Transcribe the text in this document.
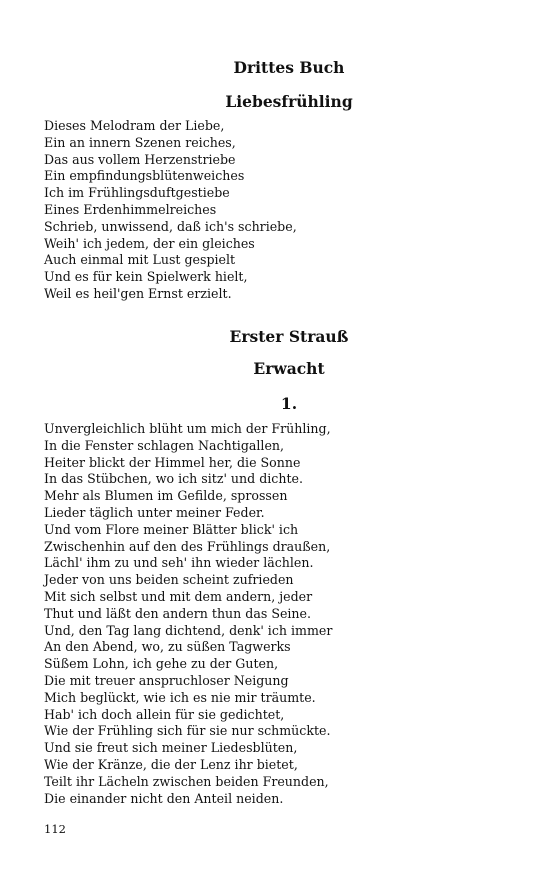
Drittes Buch
Liebesfrühling
Dieses Melodram der Liebe,
Ein an innern Szenen reiches,
Das aus vollem Herzenstriebe
Ein empfindungsblütenweiches
Ich im Frühlingsduftgestiebe
Eines Erdenhimmelreiches
Schrieb, unwissend, daß ich's schriebe,
Weih' ich jedem, der ein gleiches
Auch einmal mit Lust gespielt
Und es für kein Spielwerk hielt,
Weil es heil'gen Ernst erzielt.
Erster Strauß
Erwacht
1.
Unvergleichlich blüht um mich der Frühling,
In die Fenster schlagen Nachtigallen,
Heiter blickt der Himmel her, die Sonne
In das Stübchen, wo ich sitz' und dichte.
Mehr als Blumen im Gefilde, sprossen
Lieder täglich unter meiner Feder.
Und vom Flore meiner Blätter blick' ich
Zwischenhin auf den des Frühlings draußen,
Lächl' ihm zu und seh' ihn wieder lächlen.
Jeder von uns beiden scheint zufrieden
Mit sich selbst und mit dem andern, jeder
Thut und läßt den andern thun das Seine.
Und, den Tag lang dichtend, denk' ich immer
An den Abend, wo, zu süßen Tagwerks
Süßem Lohn, ich gehe zu der Guten,
Die mit treuer anspruchloser Neigung
Mich beglückt, wie ich es nie mir träumte.
Hab' ich doch allein für sie gedichtet,
Wie der Frühling sich für sie nur schmückte.
Und sie freut sich meiner Liedesblüten,
Wie der Kränze, die der Lenz ihr bietet,
Teilt ihr Lächeln zwischen beiden Freunden,
Die einander nicht den Anteil neiden.

112
